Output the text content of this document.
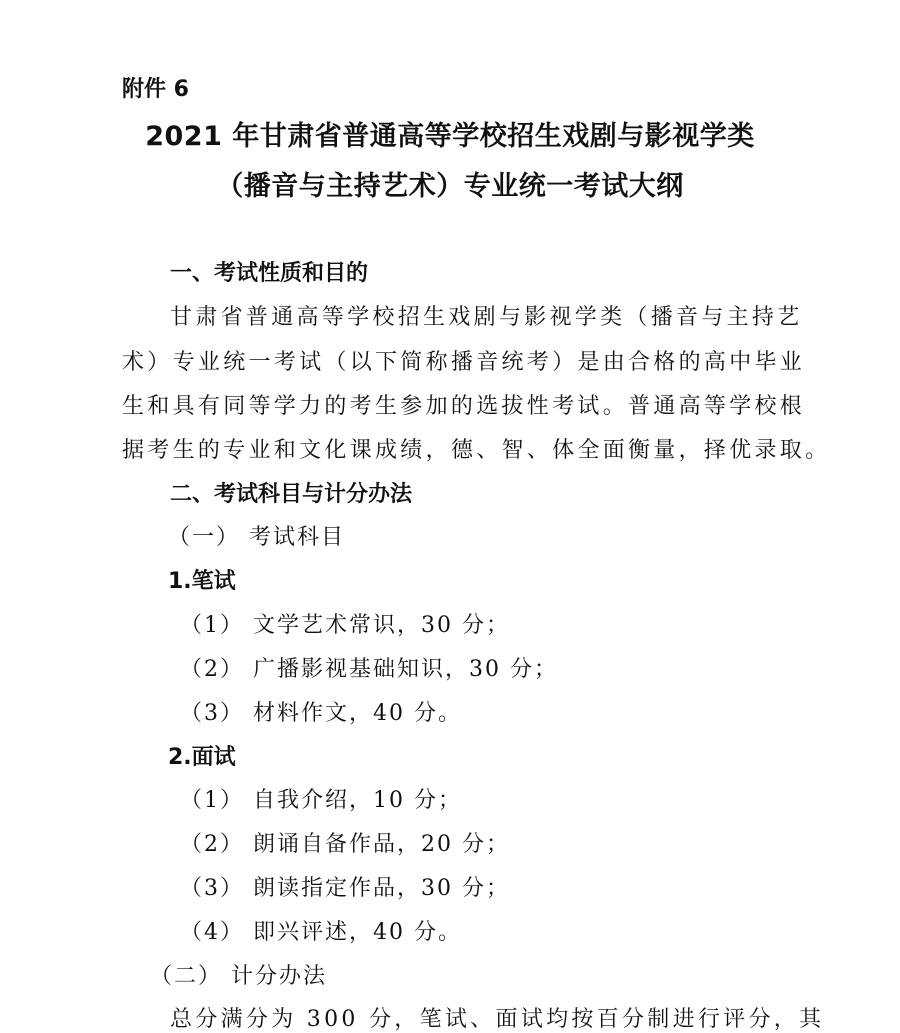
附件 6
2021 年甘肃省普通高等学校招生戏剧与影视学类
（播音与主持艺术）专业统一考试大纲
一、考试性质和目的
甘肃省普通高等学校招生戏剧与影视学类（播音与主持艺
术）专业统一考试（以下简称播音统考）是由合格的高中毕业
生和具有同等学力的考生参加的选拔性考试。普通高等学校根
据考生的专业和文化课成绩，德、智、体全面衡量，择优录取。
二、考试科目与计分办法
（一） 考试科目
1.笔试
（1） 文学艺术常识，30 分；
（2） 广播影视基础知识，30 分；
（3） 材料作文，40 分。
2.面试
（1） 自我介绍，10 分；
（2） 朗诵自备作品，20 分；
（3） 朗读指定作品，30 分；
（4） 即兴评述，40 分。
（二） 计分办法
总分满分为 300 分，笔试、面试均按百分制进行评分，其
